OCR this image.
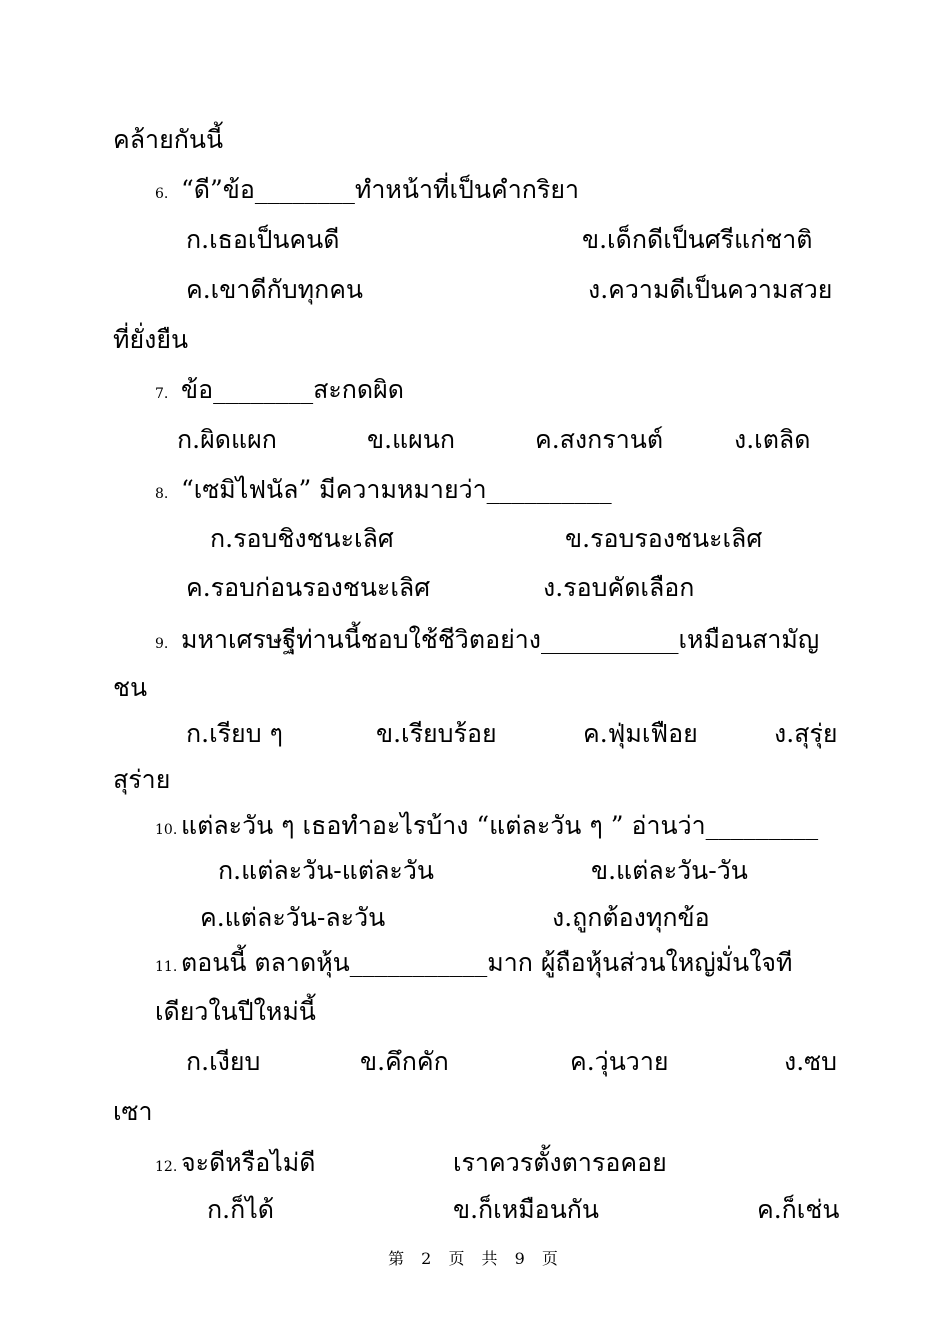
คล้ายกันนี้
6. “ดี”ข้อ________ทำหน้าที่เป็นคำกริยา
ก.เธอเป็นคนดี	ข.เด็กดีเป็นศรีแก่ชาติ
ค.เขาดีกับทุกคน	ง.ความดีเป็นความสวย
ที่ยั่งยืน
7. ข้อ________สะกดผิด
ก.ผิดแผก	ข.แผนก	ค.สงกรานต์	ง.เตลิด
8. “เซมิไฟนัล” มีความหมายว่า__________
ก.รอบชิงชนะเลิศ	ข.รอบรองชนะเลิศ
ค.รอบก่อนรองชนะเลิศ	ง.รอบคัดเลือก
9. มหาเศรษฐีท่านนี้ชอบใช้ชีวิตอย่าง___________เหมือนสามัญ
ชน
ก.เรียบ ๆ	ข.เรียบร้อย	ค.ฟุ่มเฟือย	ง.สุรุ่ย
สุร่าย
10. แต่ละวัน ๆ เธอทำอะไรบ้าง “แต่ละวัน ๆ ” อ่านว่า_________
ก.แต่ละวัน-แต่ละวัน	ข.แต่ละวัน-วัน
ค.แต่ละวัน-ละวัน	ง.ถูกต้องทุกข้อ
11. ตอนนี้ ตลาดหุ้น___________มาก ผู้ถือหุ้นส่วนใหญ่มั่นใจที
เดียวในปีใหม่นี้
ก.เงียบ	ข.คึกคัก	ค.วุ่นวาย	ง.ซบ
เซา
12. จะดีหรือไม่ดี	เราควรตั้งตารอคอย
ก.ก็ได้	ข.ก็เหมือนกัน	ค.ก็เช่น
第 2 页 共 9 页
